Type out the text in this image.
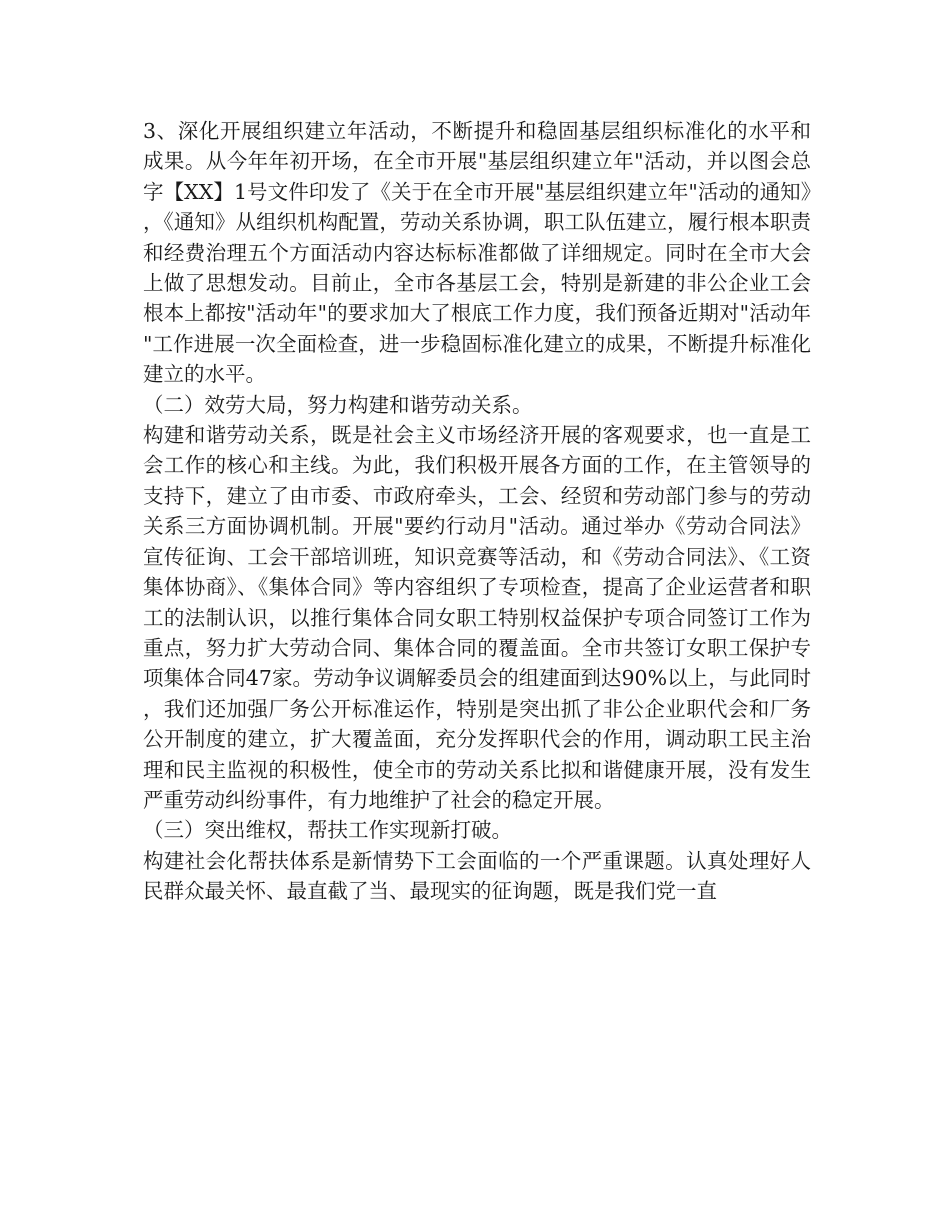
3、深化开展组织建立年活动，不断提升和稳固基层组织标准化的水平和成果。从今年年初开场，在全市开展"基层组织建立年"活动，并以图会总字【XX】1号文件印发了《关于在全市开展"基层组织建立年"活动的通知》，《通知》从组织机构配置，劳动关系协调，职工队伍建立，履行根本职责和经费治理五个方面活动内容达标标准都做了详细规定。同时在全市大会上做了思想发动。目前止，全市各基层工会，特别是新建的非公企业工会根本上都按"活动年"的要求加大了根底工作力度，我们预备近期对"活动年"工作进展一次全面检查，进一步稳固标准化建立的成果，不断提升标准化建立的水平。

（二）效劳大局，努力构建和谐劳动关系。

构建和谐劳动关系，既是社会主义市场经济开展的客观要求，也一直是工会工作的核心和主线。为此，我们积极开展各方面的工作，在主管领导的支持下，建立了由市委、市政府牵头，工会、经贸和劳动部门参与的劳动关系三方面协调机制。开展"要约行动月"活动。通过举办《劳动合同法》宣传征询、工会干部培训班，知识竞赛等活动，和《劳动合同法》、《工资集体协商》、《集体合同》等内容组织了专项检查，提高了企业运营者和职工的法制认识，以推行集体合同女职工特别权益保护专项合同签订工作为重点，努力扩大劳动合同、集体合同的覆盖面。全市共签订女职工保护专项集体合同47家。劳动争议调解委员会的组建面到达90%以上，与此同时，我们还加强厂务公开标准运作，特别是突出抓了非公企业职代会和厂务公开制度的建立，扩大覆盖面，充分发挥职代会的作用，调动职工民主治理和民主监视的积极性，使全市的劳动关系比拟和谐健康开展，没有发生严重劳动纠纷事件，有力地维护了社会的稳定开展。

（三）突出维权，帮扶工作实现新打破。

构建社会化帮扶体系是新情势下工会面临的一个严重课题。认真处理好人民群众最关怀、最直截了当、最现实的征询题，既是我们党一直
